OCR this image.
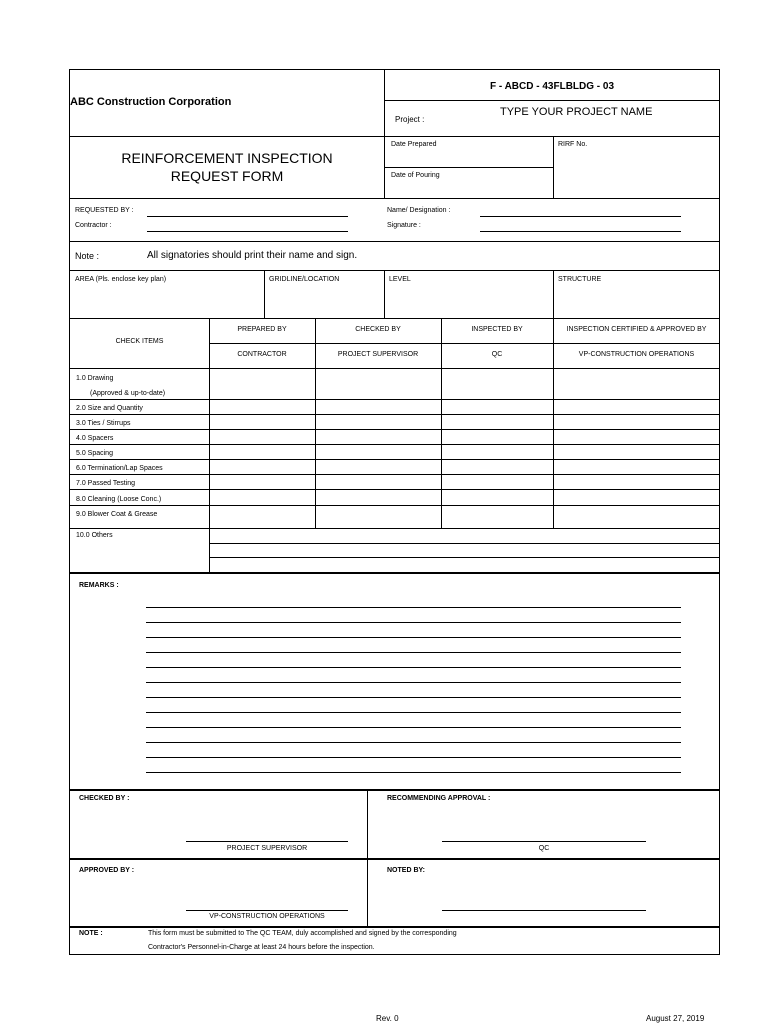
ABC Construction Corporation
F - ABCD - 43FLBLDG - 03
Project :
TYPE YOUR PROJECT NAME
REINFORCEMENT INSPECTION
REQUEST FORM
Date Prepared
Date of Pouring
RIRF No.
REQUESTED BY :
Contractor :
Name/ Designation :
Signature :
Note :	All signatories should print their name and sign.
AREA (Pls. enclose key plan)	GRIDLINE/LOCATION	LEVEL	STRUCTURE
CHECK ITEMS
PREPARED BY	CHECKED BY	INSPECTED BY	INSPECTION CERTIFIED & APPROVED BY
CONTRACTOR	PROJECT SUPERVISOR	QC	VP-CONSTRUCTION OPERATIONS
1.0 Drawing
(Approved & up-to-date)
2.0 Size and Quantity
3.0 Ties / Stirrups
4.0 Spacers
5.0 Spacing
6.0 Termination/Lap Spaces
7.0 Passed Testing
8.0 Cleaning (Loose Conc.)
9.0 Blower Coat & Grease
10.0 Others
REMARKS :
CHECKED BY :
PROJECT SUPERVISOR
RECOMMENDING APPROVAL :
QC
APPROVED BY :
VP-CONSTRUCTION OPERATIONS
NOTED BY:
NOTE :	This form must be submitted to The QC TEAM, duly accomplished and signed by the corresponding
Contractor's Personnel-in-Charge at least 24 hours before the inspection.
Rev. 0	August 27, 2019
